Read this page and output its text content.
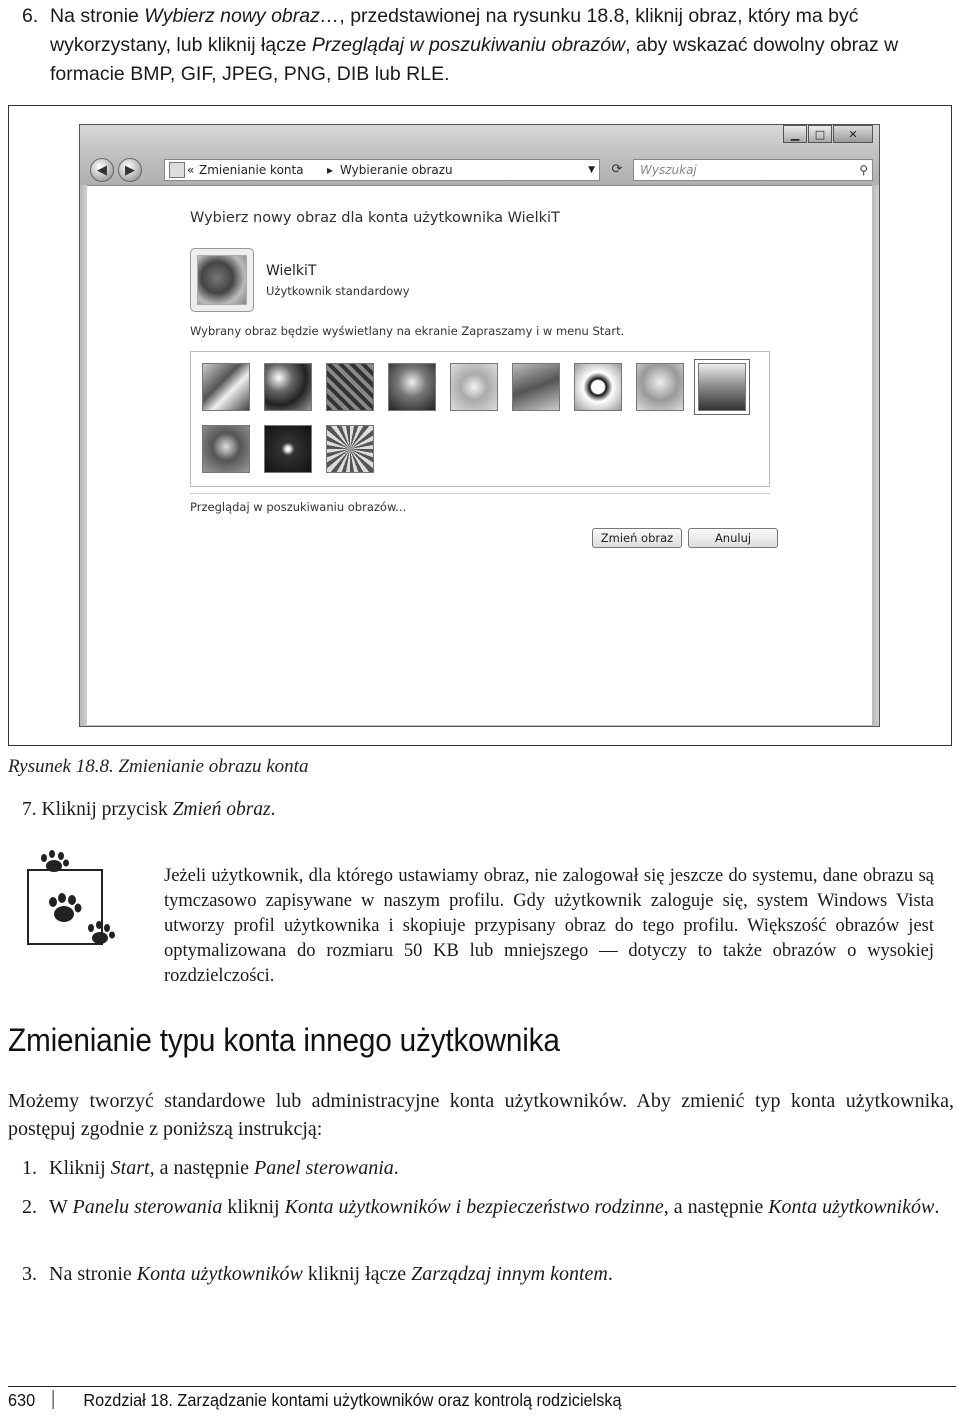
6. Na stronie Wybierz nowy obraz…, przedstawionej na rysunku 18.8, kliknij obraz, który ma być wykorzystany, lub kliknij łącze Przeglądaj w poszukiwaniu obrazów, aby wskazać dowolny obraz w formacie BMP, GIF, JPEG, PNG, DIB lub RLE.
▁	□	✕
◀	▶	« Zmienianie konta ▸ Wybieranie obrazu	▼	⟳	Wyszukaj	⚲
Wybierz nowy obraz dla konta użytkownika WielkiT
WielkiT
Użytkownik standardowy
Wybrany obraz będzie wyświetlany na ekranie Zapraszamy i w menu Start.
Przeglądaj w poszukiwaniu obrazów...
Zmień obraz	Anuluj
Rysunek 18.8. Zmienianie obrazu konta
7. Kliknij przycisk Zmień obraz.
Jeżeli użytkownik, dla którego ustawiamy obraz, nie zalogował się jeszcze do systemu, dane obrazu są tymczasowo zapisywane w naszym profilu. Gdy użytkownik zaloguje się, system Windows Vista utworzy profil użytkownika i skopiuje przypisany obraz do tego profilu. Większość obrazów jest optymalizowana do rozmiaru 50 KB lub mniejszego — dotyczy to także obrazów o wysokiej rozdzielczości.
Zmienianie typu konta innego użytkownika
Możemy tworzyć standardowe lub administracyjne konta użytkowników. Aby zmienić typ konta użytkownika, postępuj zgodnie z poniższą instrukcją:
1. Kliknij Start, a następnie Panel sterowania.
2. W Panelu sterowania kliknij Konta użytkowników i bezpieczeństwo rodzinne, a następnie Konta użytkowników.
3. Na stronie Konta użytkowników kliknij łącze Zarządzaj innym kontem.
630	Rozdział 18. Zarządzanie kontami użytkowników oraz kontrolą rodzicielską
